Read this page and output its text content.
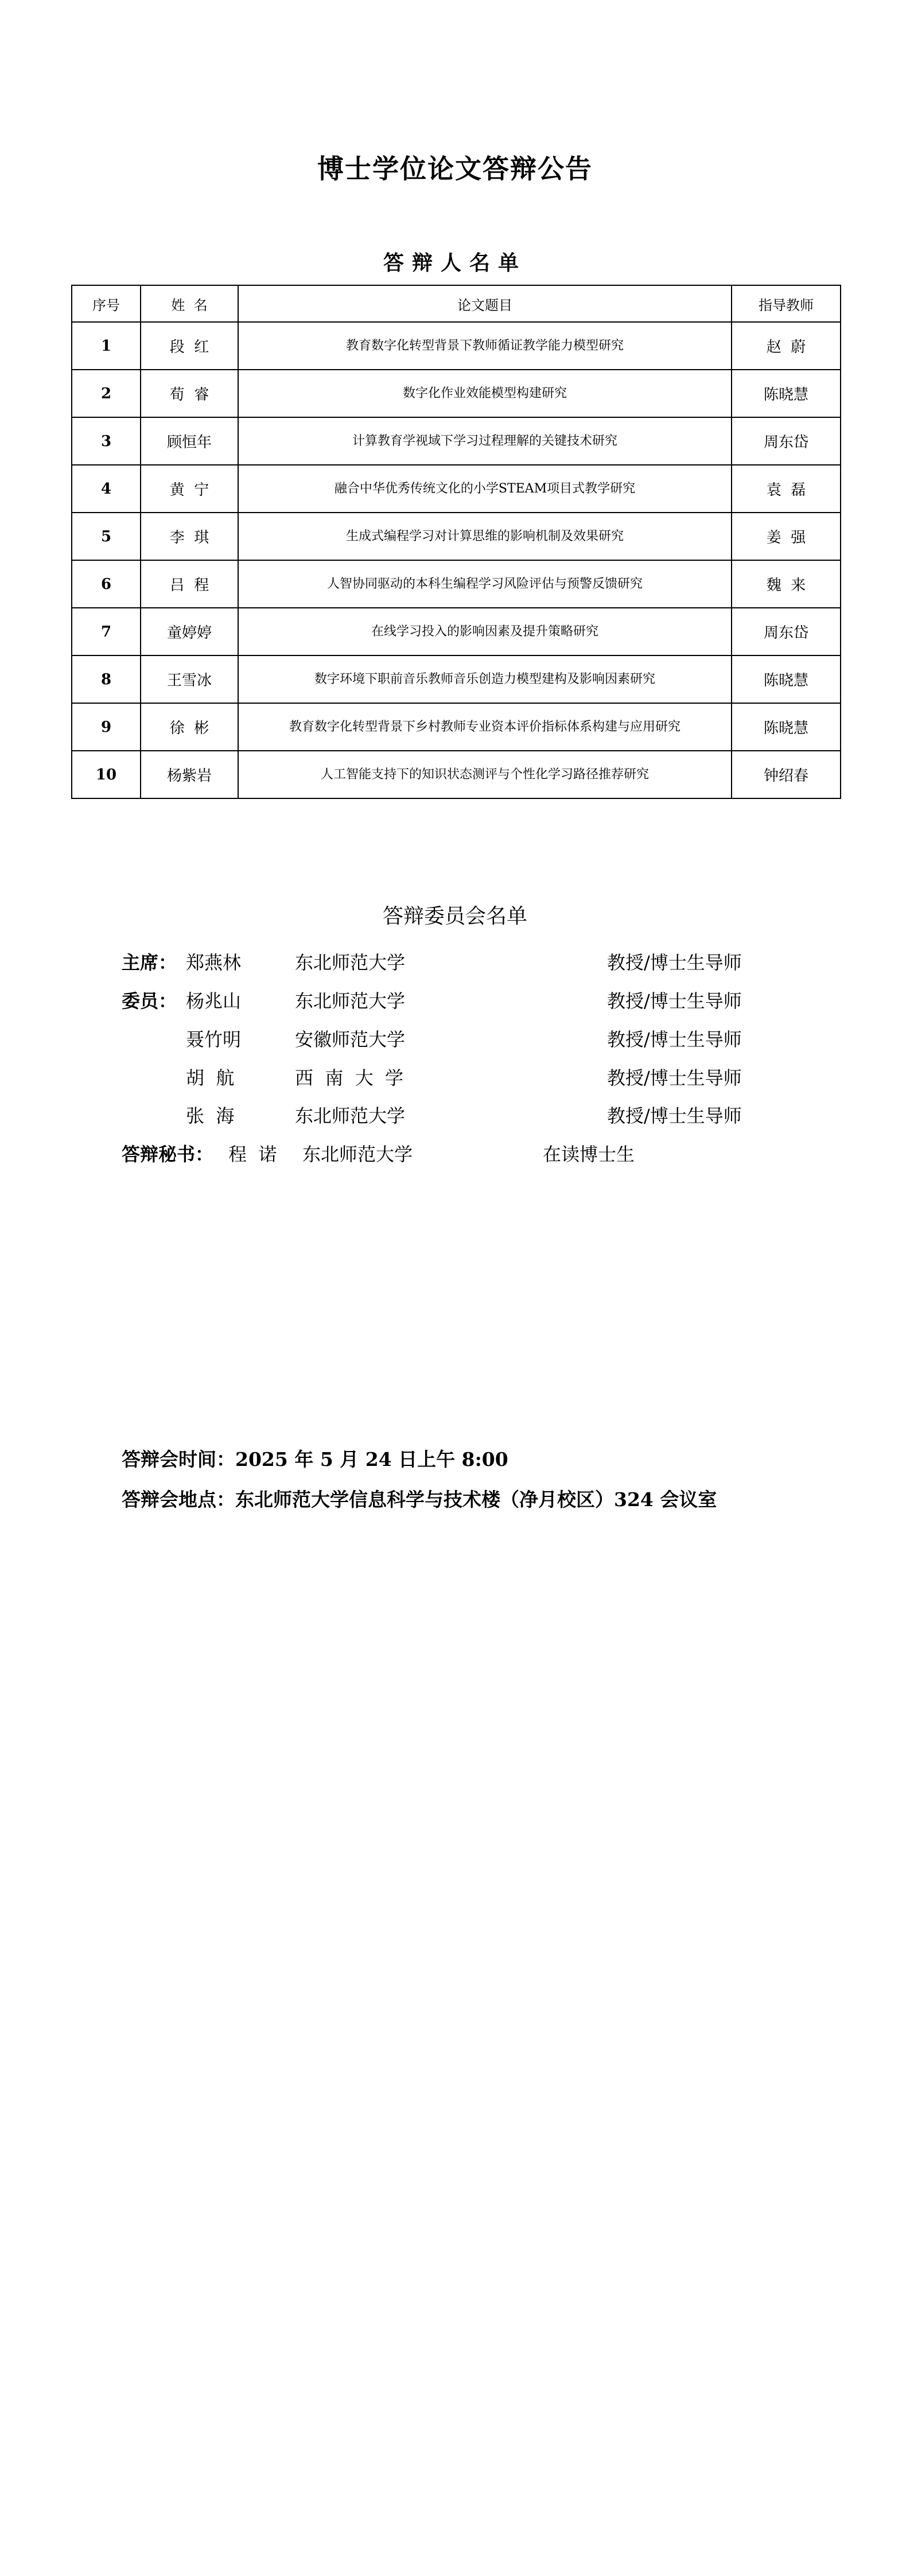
博士学位论文答辩公告
答辩人名单
序号	姓  名	论文题目	指导教师
1	段  红	教育数字化转型背景下教师循证教学能力模型研究	赵  蔚
2	荀  睿	数字化作业效能模型构建研究	陈晓慧
3	顾恒年	计算教育学视域下学习过程理解的关键技术研究	周东岱
4	黄  宁	融合中华优秀传统文化的小学STEAM项目式教学研究	袁  磊
5	李  琪	生成式编程学习对计算思维的影响机制及效果研究	姜  强
6	吕  程	人智协同驱动的本科生编程学习风险评估与预警反馈研究	魏  来
7	童婷婷	在线学习投入的影响因素及提升策略研究	周东岱
8	王雪冰	数字环境下职前音乐教师音乐创造力模型建构及影响因素研究	陈晓慧
9	徐  彬	教育数字化转型背景下乡村教师专业资本评价指标体系构建与应用研究	陈晓慧
10	杨紫岩	人工智能支持下的知识状态测评与个性化学习路径推荐研究	钟绍春
答辩委员会名单
主席： 郑燕林	东北师范大学	教授/博士生导师
委员： 杨兆山	东北师范大学	教授/博士生导师
聂竹明	安徽师范大学	教授/博士生导师
胡  航	西  南  大  学	教授/博士生导师
张  海	东北师范大学	教授/博士生导师
答辩秘书： 程  诺 东北师范大学	在读博士生
答辩会时间：2025 年 5 月 24 日上午 8:00
答辩会地点：东北师范大学信息科学与技术楼（净月校区）324 会议室
